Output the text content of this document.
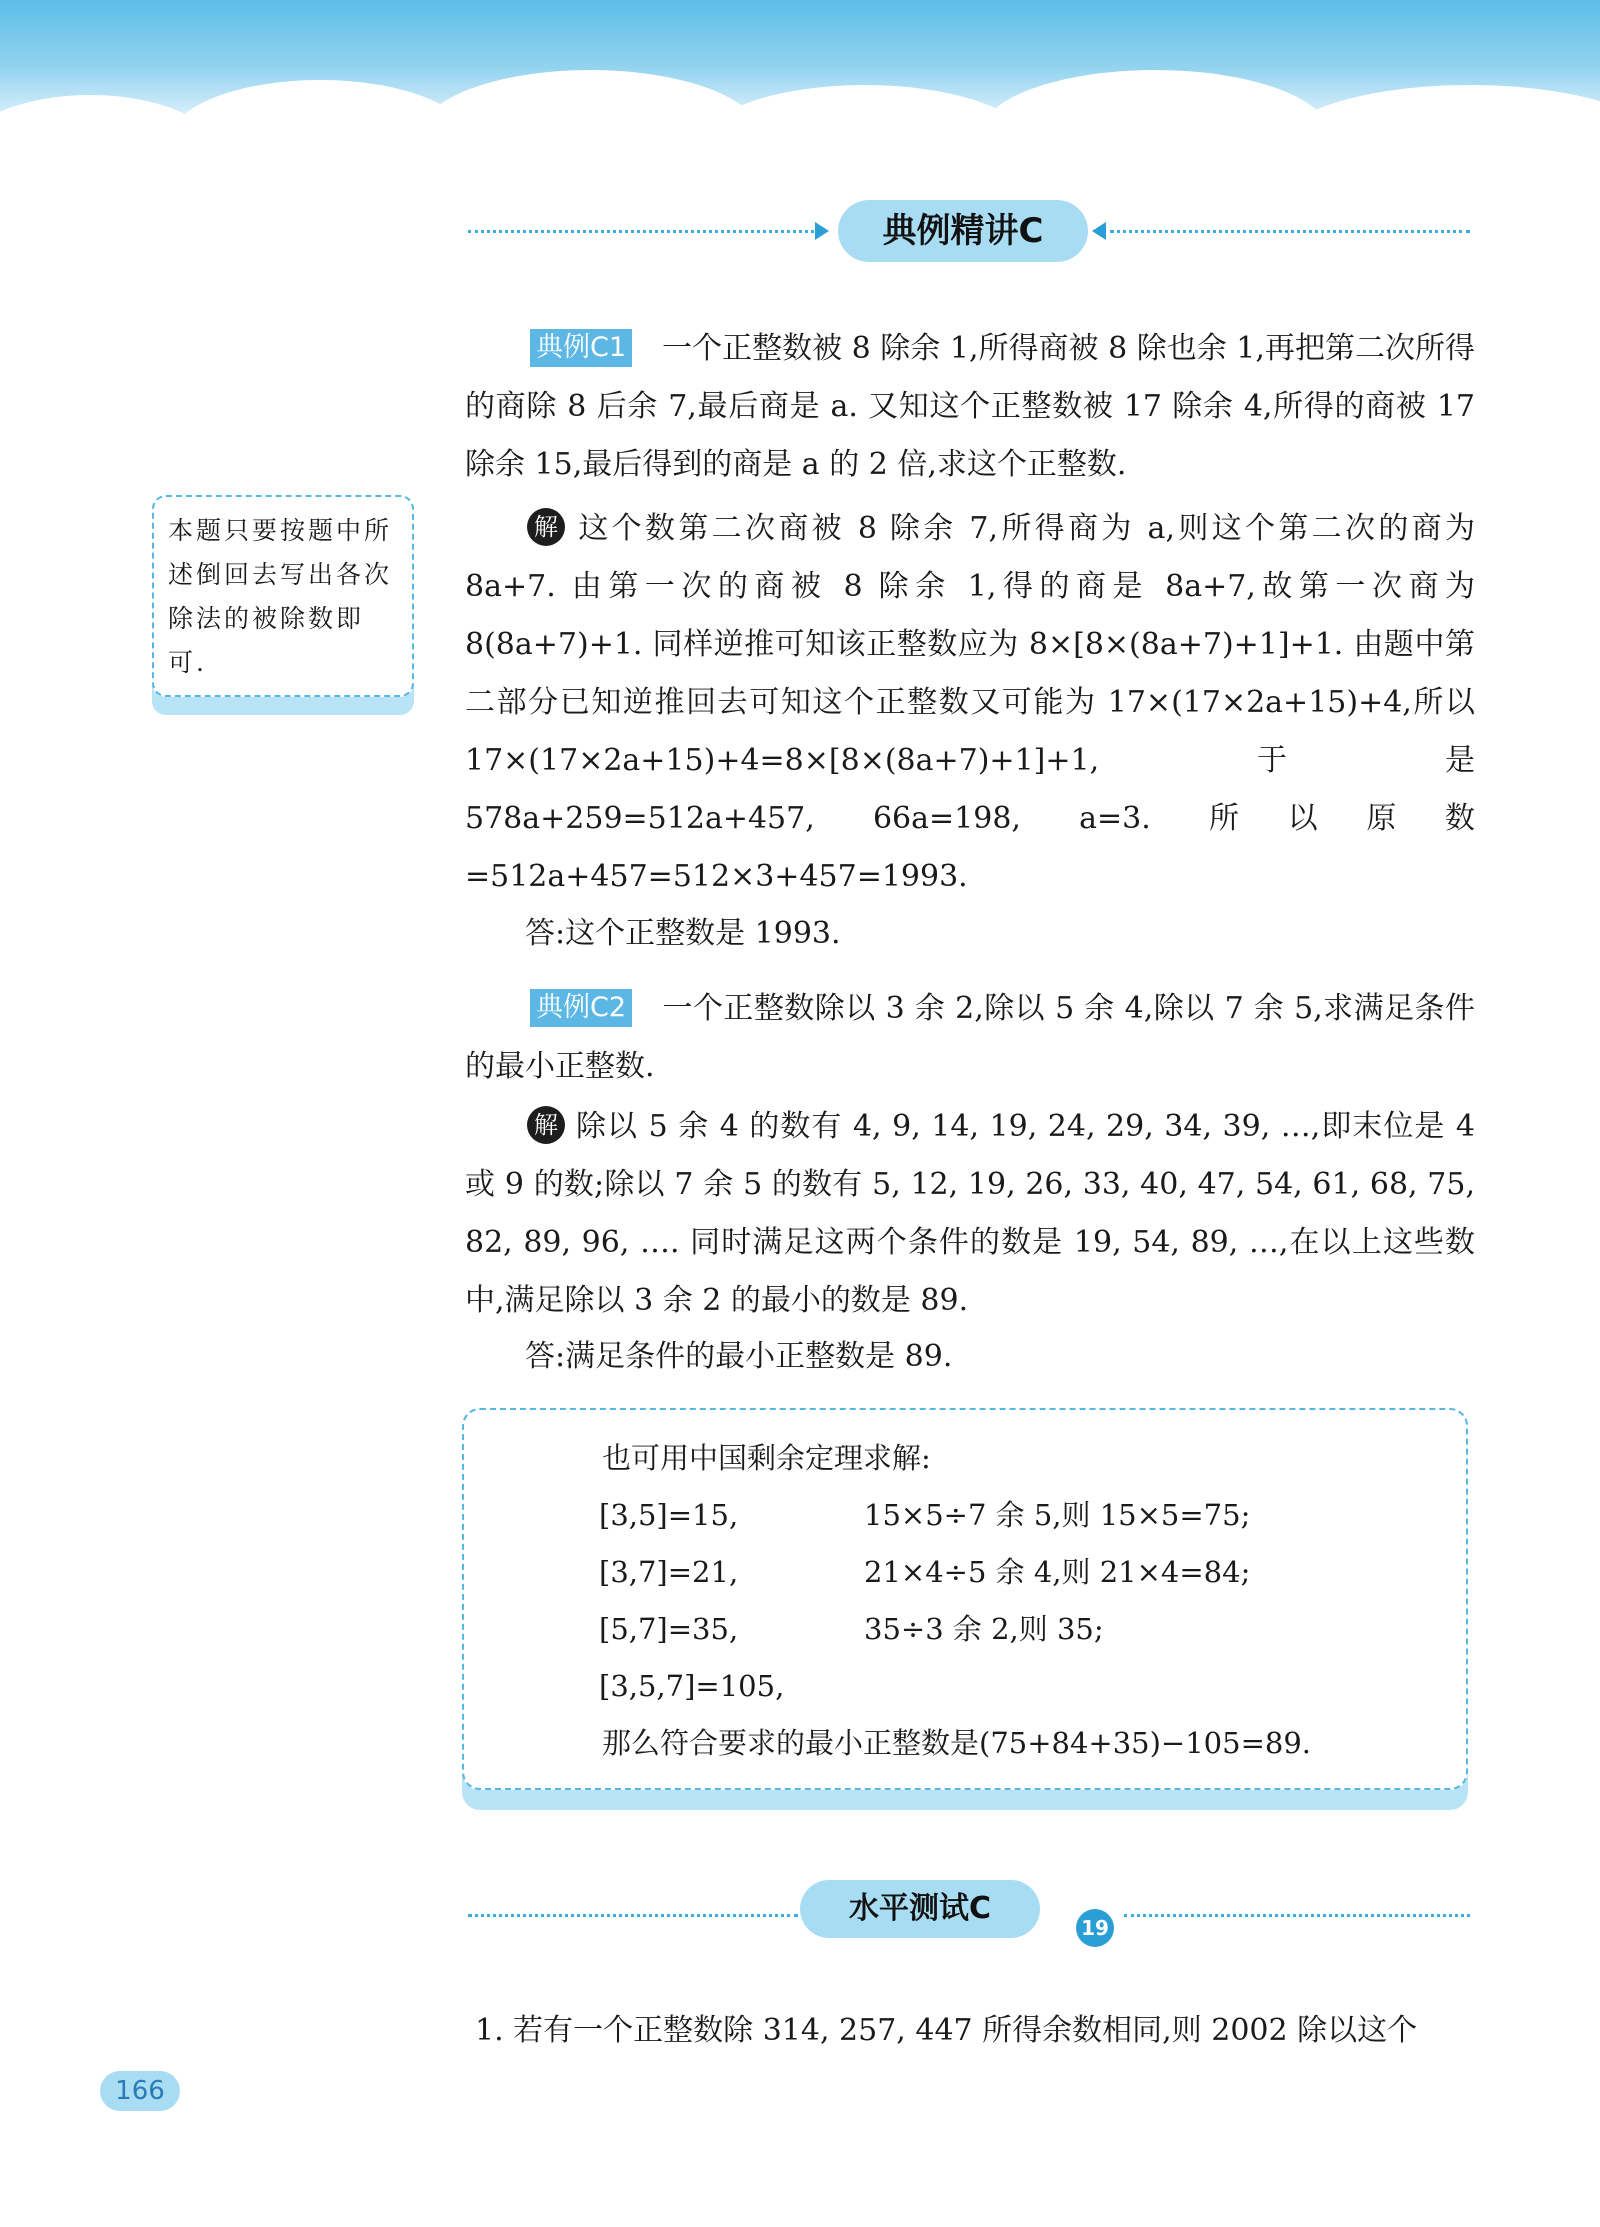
典例精讲C
本题只要按题中所述倒回去写出各次除法的被除数即可.

典例C1 一个正整数被 8 除余 1,所得商被 8 除也余 1,再把第二次所得的商除 8 后余 7,最后商是 a. 又知这个正整数被 17 除余 4,所得的商被 17 除余 15,最后得到的商是 a 的 2 倍,求这个正整数.

解 这个数第二次商被 8 除余 7,所得商为 a,则这个第二次的商为 8a+7. 由第一次的商被 8 除余 1,得的商是 8a+7,故第一次商为 8(8a+7)+1. 同样逆推可知该正整数应为 8×[8×(8a+7)+1]+1. 由题中第二部分已知逆推回去可知这个正整数又可能为 17×(17×2a+15)+4,所以 17×(17×2a+15)+4=8×[8×(8a+7)+1]+1,于是 578a+259=512a+457, 66a=198, a=3. 所以原数=512a+457=512×3+457=1993.

答:这个正整数是 1993.

典例C2 一个正整数除以 3 余 2,除以 5 余 4,除以 7 余 5,求满足条件的最小正整数.

解 除以 5 余 4 的数有 4, 9, 14, 19, 24, 29, 34, 39, …,即末位是 4 或 9 的数;除以 7 余 5 的数有 5, 12, 19, 26, 33, 40, 47, 54, 61, 68, 75, 82, 89, 96, …. 同时满足这两个条件的数是 19, 54, 89, …,在以上这些数中,满足除以 3 余 2 的最小的数是 89.

答:满足条件的最小正整数是 89.

也可用中国剩余定理求解:
[3,5]=15,	15×5÷7 余 5,则 15×5=75;
[3,7]=21,	21×4÷5 余 4,则 21×4=84;
[5,7]=35,	35÷3 余 2,则 35;
[3,5,7]=105,
那么符合要求的最小正整数是(75+84+35)−105=89.
水平测试C
19

1. 若有一个正整数除 314, 257, 447 所得余数相同,则 2002 除以这个

166
